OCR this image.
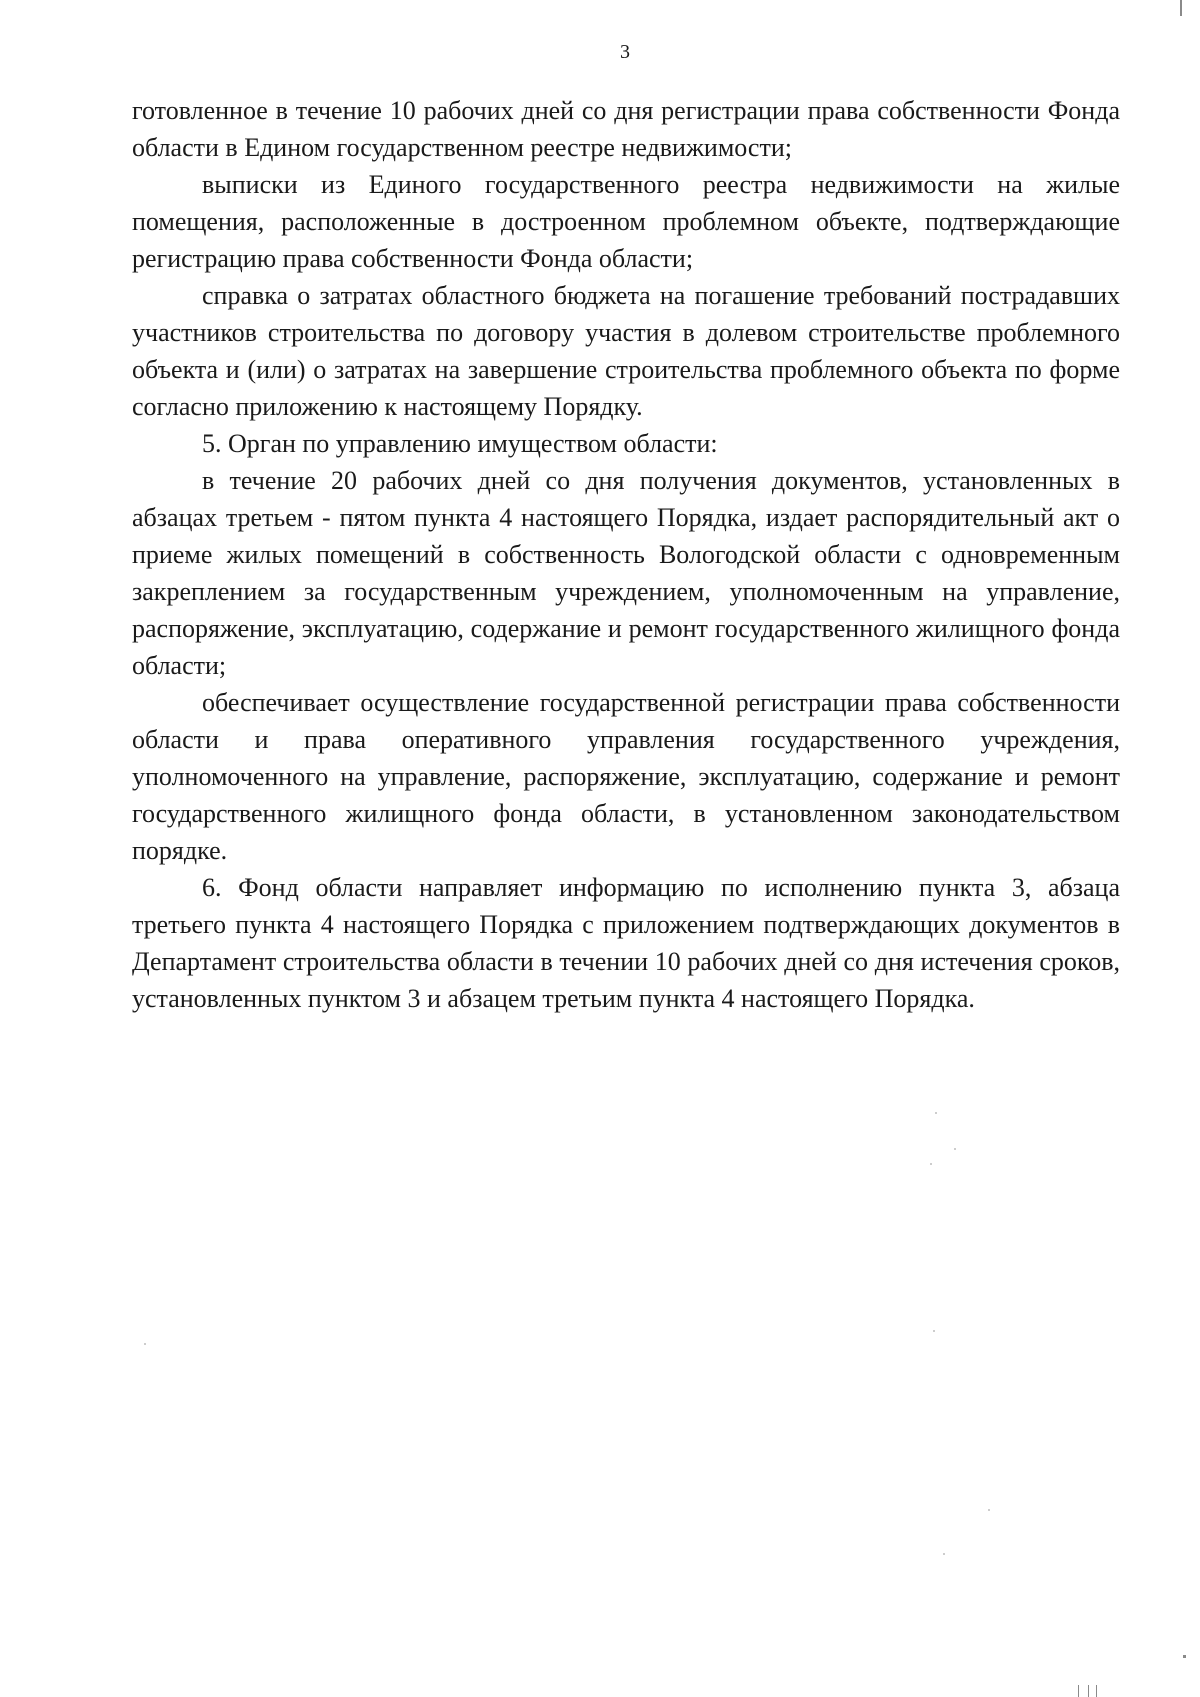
3

готовленное в течение 10 рабочих дней со дня регистрации права собственности Фонда области в Едином государственном реестре недвижимости;

выписки из Единого государственного реестра недвижимости на жилые помещения, расположенные в достроенном проблемном объекте, подтверждающие регистрацию права собственности Фонда области;

справка о затратах областного бюджета на погашение требований пострадавших участников строительства по договору участия в долевом строительстве проблемного объекта и (или) о затратах на завершение строительства проблемного объекта по форме согласно приложению к настоящему Порядку.

5. Орган по управлению имуществом области:

в течение 20 рабочих дней со дня получения документов, установленных в абзацах третьем - пятом пункта 4 настоящего Порядка, издает распорядительный акт о приеме жилых помещений в собственность Вологодской области с одновременным закреплением за государственным учреждением, уполномоченным на управление, распоряжение, эксплуатацию, содержание и ремонт государственного жилищного фонда области;

обеспечивает осуществление государственной регистрации права собственности области и права оперативного управления государственного учреждения, уполномоченного на управление, распоряжение, эксплуатацию, содержание и ремонт государственного жилищного фонда области, в установленном законодательством порядке.

6. Фонд области направляет информацию по исполнению пункта 3, абзаца третьего пункта 4 настоящего Порядка с приложением подтверждающих документов в Департамент строительства области в течении 10 рабочих дней со дня истечения сроков, установленных пунктом 3 и абзацем третьим пункта 4 настоящего Порядка.
